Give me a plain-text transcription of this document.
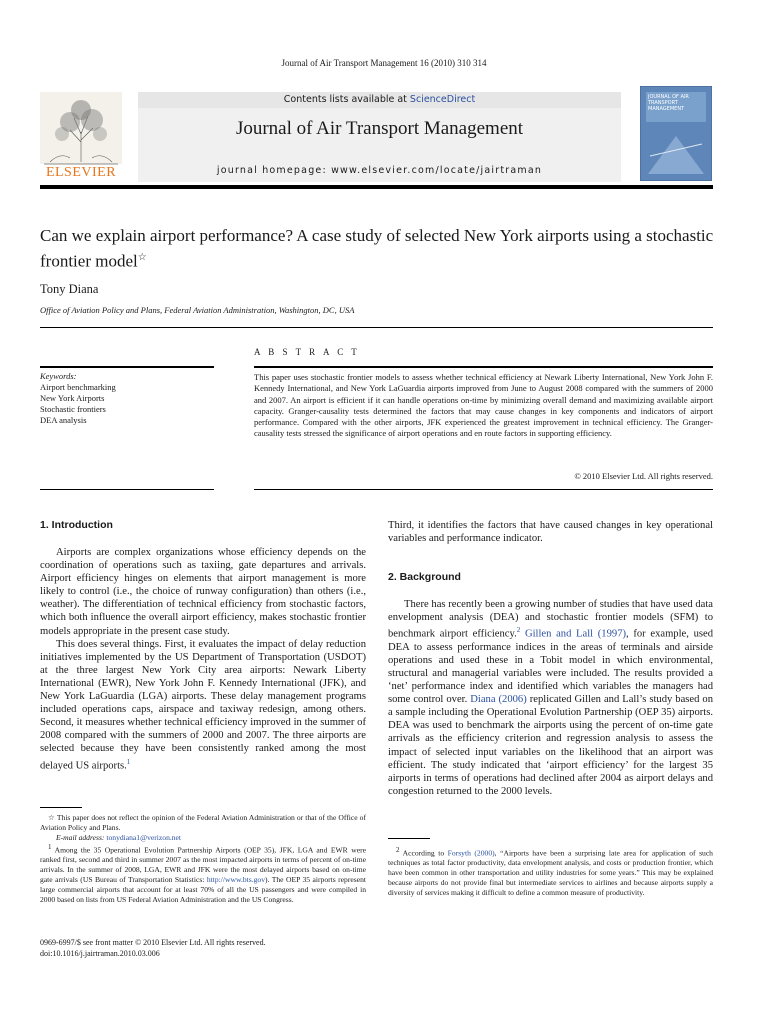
Journal of Air Transport Management 16 (2010) 310 314
ELSEVIER
Contents lists available at ScienceDirect
Journal of Air Transport Management
journal homepage: www.elsevier.com/locate/jairtraman
JOURNAL OF AIR TRANSPORT MANAGEMENT
Can we explain airport performance? A case study of selected New York airports using a stochastic frontier model☆
Tony Diana
Office of Aviation Policy and Plans, Federal Aviation Administration, Washington, DC, USA
A B S T R A C T
Keywords:
Airport benchmarking
New York Airports
Stochastic frontiers
DEA analysis
This paper uses stochastic frontier models to assess whether technical efficiency at Newark Liberty International, New York John F. Kennedy International, and New York LaGuardia airports improved from June to August 2008 compared with the summers of 2000 and 2007. An airport is efficient if it can handle operations on-time by minimizing overall demand and maximizing available airport capacity. Granger-causality tests determined the factors that may cause changes in key components and indicators of airport performance. Compared with the other airports, JFK experienced the greatest improvement in technical efficiency. The Granger-causality tests stressed the significance of airport operations and en route factors in supporting efficiency.
© 2010 Elsevier Ltd. All rights reserved.
1. Introduction

Airports are complex organizations whose efficiency depends on the coordination of operations such as taxiing, gate departures and arrivals. Airport efficiency hinges on elements that airport management is more likely to control (i.e., the choice of runway configuration) than others (i.e., weather). The differentiation of technical efficiency from stochastic factors, which both influence the overall airport efficiency, makes stochastic frontier models appropriate in the present case study.

This does several things. First, it evaluates the impact of delay reduction initiatives implemented by the US Department of Transportation (USDOT) at the three largest New York City area airports: Newark Liberty International (EWR), New York John F. Kennedy International (JFK), and New York LaGuardia (LGA) airports. These delay management programs included operations caps, airspace and taxiway redesign, among others. Second, it measures whether technical efficiency improved in the summer of 2008 compared with the summers of 2000 and 2007. The three airports are selected because they have been consistently ranked among the most delayed US airports.$^1$

Third, it identifies the factors that have caused changes in key operational variables and performance indicator.

2. Background

There has recently been a growing number of studies that have used data envelopment analysis (DEA) and stochastic frontier models (SFM) to benchmark airport efficiency.$^2$ Gillen and Lall (1997), for example, used DEA to assess performance indices in the areas of terminals and airside operations and used these in a Tobit model in which environmental, structural and managerial variables were included. The results provided a ‘net’ performance index and identified which variables the managers had some control over. Diana (2006) replicated Gillen and Lall’s study based on a sample including the Operational Evolution Partnership (OEP 35) airports. DEA was used to benchmark the airports using the percent of on-time gate arrivals as the efficiency criterion and regression analysis to assess the impact of selected input variables on the likelihood that an airport was efficient. The study indicated that ‘airport efficiency’ for the largest 35 airports in terms of operations had declined after 2004 as airport delays and congestion returned to the 2000 levels.

☆ This paper does not reflect the opinion of the Federal Aviation Administration or that of the Office of Aviation Policy and Plans.
E-mail address: tonydiana1@verizon.net
$^1$ Among the 35 Operational Evolution Partnership Airports (OEP 35), JFK, LGA and EWR were ranked first, second and third in summer 2007 as the most impacted airports in terms of percent of on-time arrivals. In the summer of 2008, LGA, EWR and JFK were the most delayed airports based on on-time gate arrivals (US Bureau of Transportation Statistics: http://www.bts.gov). The OEP 35 airports represent large commercial airports that account for at least 70% of all the US passengers and were compiled in 2000 based on lists from US Federal Aviation Administration and the US Congress.
$^2$ According to Forsyth (2000), “Airports have been a surprising late area for application of such techniques as total factor productivity, data envelopment analysis, and costs or production frontier, which have been common in other transportation and utility industries for some years.” This may be explained because airports do not provide final but intermediate services to airlines and because airports supply a diversity of services making it difficult to define a common measure of productivity.
0969-6997/$ see front matter © 2010 Elsevier Ltd. All rights reserved.
doi:10.1016/j.jairtraman.2010.03.006
